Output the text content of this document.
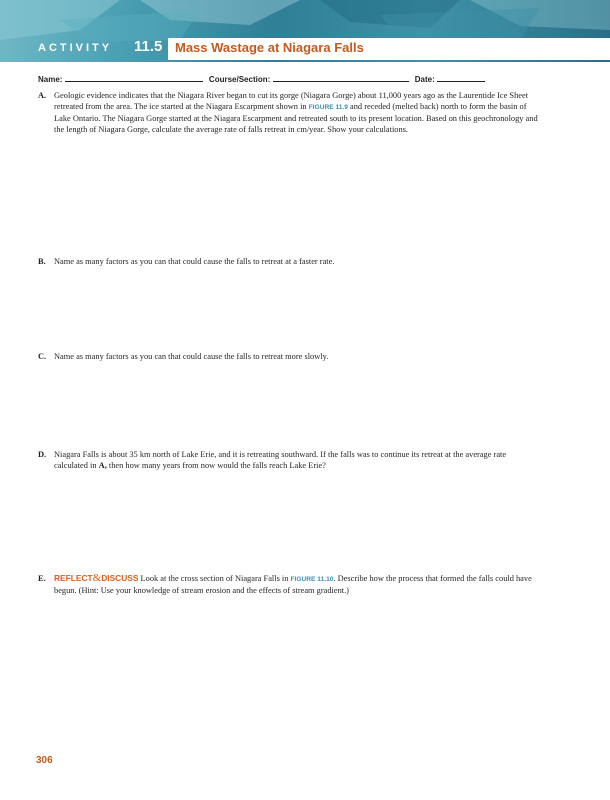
ACTIVITY 11.5 Mass Wastage at Niagara Falls
Name:	Course/Section:	Date:
A. Geologic evidence indicates that the Niagara River began to cut its gorge (Niagara Gorge) about 11,000 years ago as the Laurentide Ice Sheet retreated from the area. The ice started at the Niagara Escarpment shown in FIGURE 11.9 and receded (melted back) north to form the basin of Lake Ontario. The Niagara Gorge started at the Niagara Escarpment and retreated south to its present location. Based on this geochronology and the length of Niagara Gorge, calculate the average rate of falls retreat in cm/year. Show your calculations.
B. Name as many factors as you can that could cause the falls to retreat at a faster rate.
C. Name as many factors as you can that could cause the falls to retreat more slowly.
D. Niagara Falls is about 35 km north of Lake Erie, and it is retreating southward. If the falls was to continue its retreat at the average rate calculated in A, then how many years from now would the falls reach Lake Erie?
E. REFLECT&DISCUSS Look at the cross section of Niagara Falls in FIGURE 11.10. Describe how the process that formed the falls could have begun. (Hint: Use your knowledge of stream erosion and the effects of stream gradient.)
306
